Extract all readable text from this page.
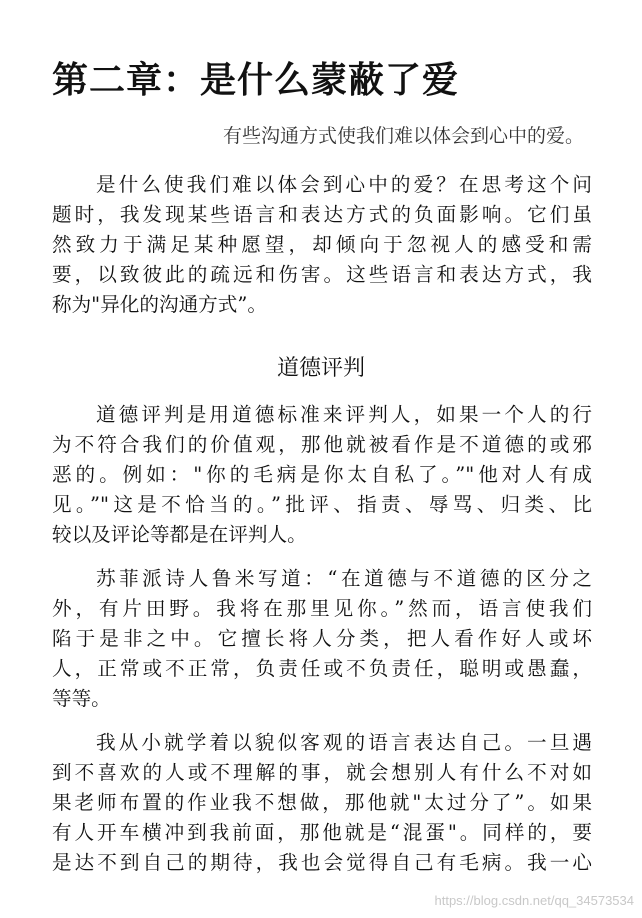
第二章：是什么蒙蔽了爱
有些沟通方式使我们难以体会到心中的爱。
是什么使我们难以体会到心中的爱？在思考这个问
题时，我发现某些语言和表达方式的负面影响。它们虽
然致力于满足某种愿望，却倾向于忽视人的感受和需
要，以致彼此的疏远和伤害。这些语言和表达方式，我
称为"异化的沟通方式”。
道德评判
道德评判是用道德标准来评判人，如果一个人的行
为不符合我们的价值观，那他就被看作是不道德的或邪
恶的。例如："你的毛病是你太自私了。”"他对人有成
见。”"这是不恰当的。”批评、指责、辱骂、归类、比
较以及评论等都是在评判人。
苏菲派诗人鲁米写道：“在道德与不道德的区分之
外，有片田野。我将在那里见你。”然而，语言使我们
陷于是非之中。它擅长将人分类，把人看作好人或坏
人，正常或不正常，负责任或不负责任，聪明或愚蠢，
等等。
我从小就学着以貌似客观的语言表达自己。一旦遇
到不喜欢的人或不理解的事，就会想别人有什么不对如
果老师布置的作业我不想做，那他就"太过分了”。如果
有人开车横冲到我前面，那他就是“混蛋"。同样的，要
是达不到自己的期待，我也会觉得自己有毛病。我一心
https://blog.csdn.net/qq_34573534
